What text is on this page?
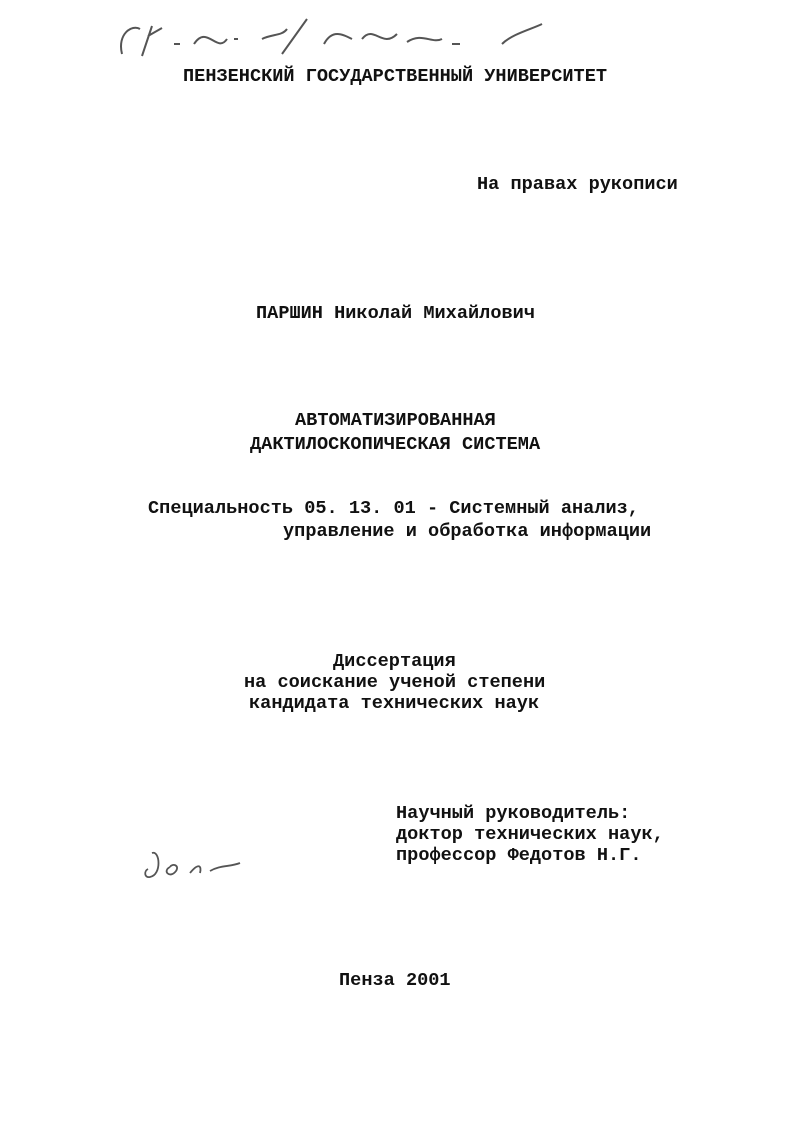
ПЕНЗЕНСКИЙ ГОСУДАРСТВЕННЫЙ УНИВЕРСИТЕТ
На правах рукописи
ПАРШИН Николай Михайлович
АВТОМАТИЗИРОВАННАЯ
ДАКТИЛОСКОПИЧЕСКАЯ СИСТЕМА
Специальность 05. 13. 01 - Системный анализ,
управление и обработка информации
Диссертация
на соискание ученой степени
кандидата технических наук
Научный руководитель:
доктор технических наук,
профессор Федотов Н.Г.
Пенза 2001
